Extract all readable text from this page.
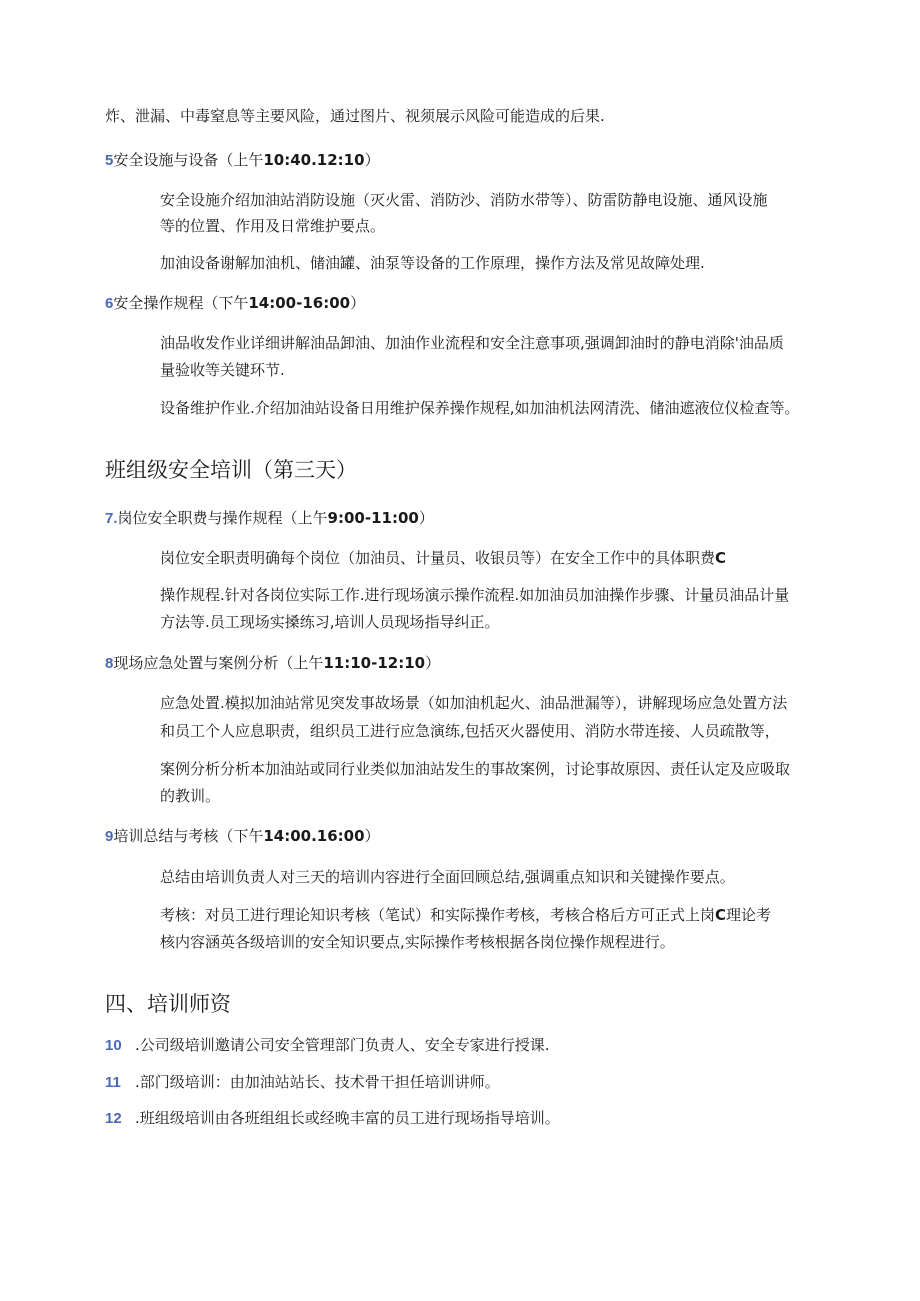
炸、泄漏、中毒窒息等主要风险，通过图片、视须展示风险可能造成的后果.
5安全设施与设备（上午10:40.12:10）
安全设施介绍加油站消防设施（灭火雷、消防沙、消防水带等）、防雷防静电设施、通风设施
等的位置、作用及日常维护要点。
加油设备谢解加油机、储油罐、油泵等设备的工作原理，操作方法及常见故障处理.
6安全操作规程（下午14:00-16:00）
油品收发作业详细讲解油品卸油、加油作业流程和安全注意事项,强调卸油时的静电消除'油品质
量验收等关键环节.
设备维护作业.介绍加油站设备日用维护保养操作规程,如加油机法网清洗、储油遮液位仪检查等。
班组级安全培训（第三天）
7.岗位安全职费与操作规程（上午9:00-11:00）
岗位安全职责明确每个岗位（加油员、计量员、收银员等）在安全工作中的具体职费C
操作规程.针对各岗位实际工作.进行现场演示操作流程.如加油员加油操作步骤、计量员油品计量
方法等.员工现场实搡练习,培训人员现场指导纠正。
8现场应急处置与案例分析（上午11:10-12:10）
应急处置.模拟加油站常见突发事故场景（如加油机起火、油品泄漏等），讲解现场应急处置方法
和员工个人应息职责，组织员工进行应急演练,包括灭火器使用、消防水带连接、人员疏散等，
案例分析分析本加油站或同行业类似加油站发生的事故案例，讨论事故原因、责任认定及应吸取
的教训。
9培训总结与考核（下午14:00.16:00）
总结由培训负责人对三天的培训内容进行全面回顾总结,强调重点知识和关键操作要点。
考核：对员工进行理论知识考核（笔试）和实际操作考核，考核合格后方可正式上岗C理论考
核内容涵英各级培训的安全知识要点,实际操作考核根据各岗位操作规程进行。
四、培训师资
10 .公司级培训邀请公司安全管理部门负责人、安全专家进行授课.
11 .部门级培训：由加油站站长、技术骨干担任培训讲师。
12 .班组级培训由各班组组长或经晚丰富的员工进行现场指导培训。
